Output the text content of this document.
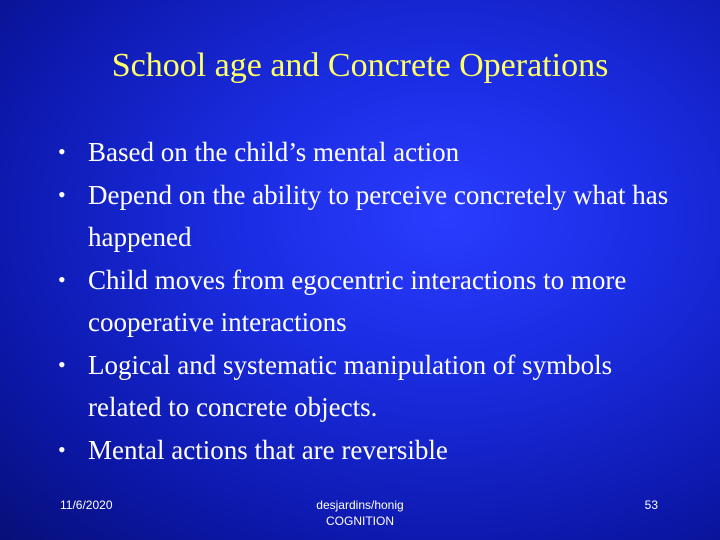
School age and Concrete Operations
• Based on the child’s mental action
• Depend on the ability to perceive concretely what has happened
• Child moves from egocentric interactions to more cooperative interactions
• Logical and systematic manipulation of symbols related to concrete objects.
• Mental actions that are reversible
11/6/2020	desjardins/honig
COGNITION
53
